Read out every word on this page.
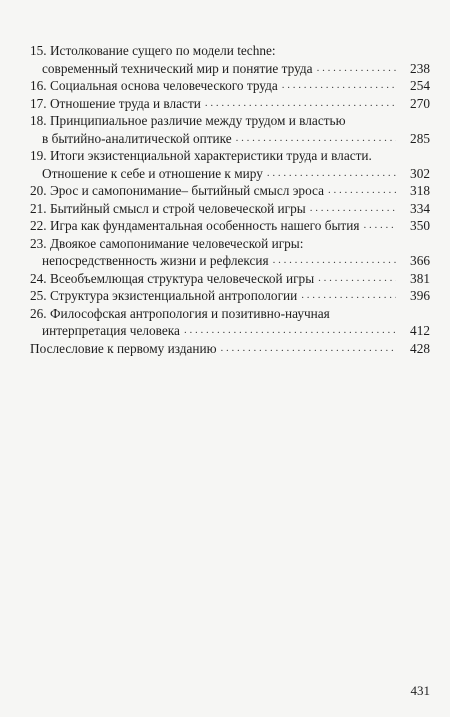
15. Истолкование сущего по модели techne:
современный технический мир и понятие труда . . .	238
16. Социальная основа человеческого труда . . .	254
17. Отношение труда и власти . . .	270
18. Принципиальное различие между трудом и властью
в бытийно-аналитической оптике . . .	285
19. Итоги экзистенциальной характеристики труда и власти.
Отношение к себе и отношение к миру . . .	302
20. Эрос и самопонимание– бытийный смысл эроса . . .	318
21. Бытийный смысл и строй человеческой игры . . .	334
22. Игра как фундаментальная особенность нашего бытия . . .	350
23. Двоякое самопонимание человеческой игры:
непосредственность жизни и рефлексия . . .	366
24. Всеобъемлющая структура человеческой игры . . .	381
25. Структура экзистенциальной антропологии . . .	396
26. Философская антропология и позитивно-научная
интерпретация человека . . .	412
Послесловие к первому изданию . . .	428
431
